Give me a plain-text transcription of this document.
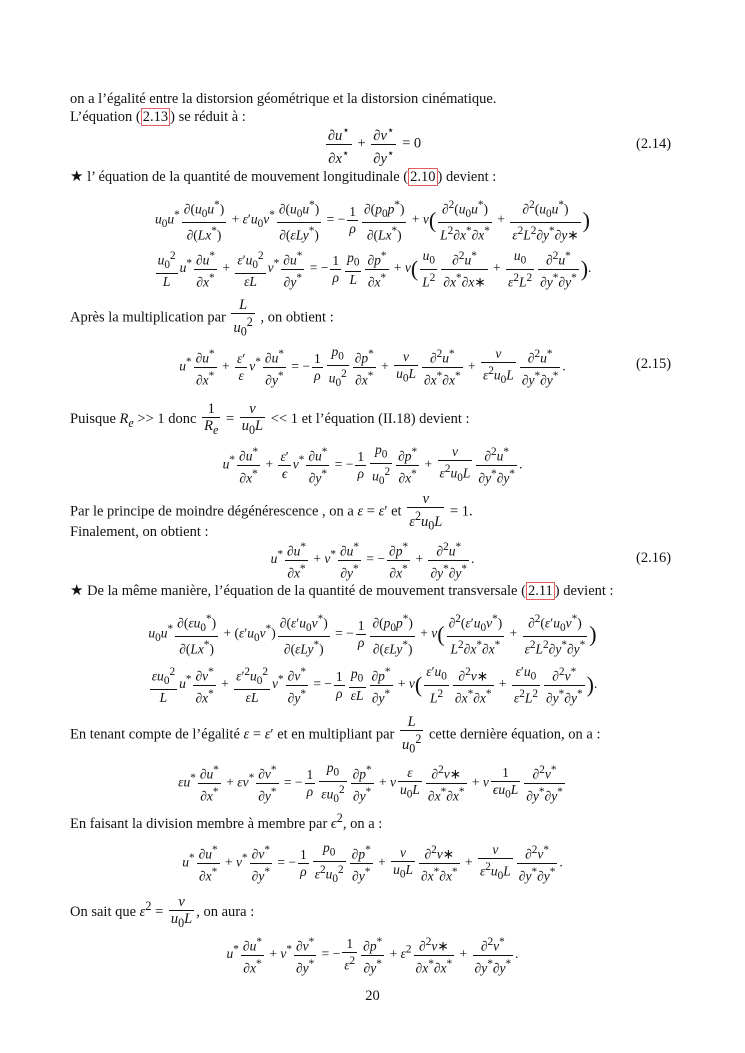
on a l’égalité entre la distorsion géométrique et la distorsion cinématique.
L’équation ( 2.13 ) se réduit à :
$\frac{\partial u^⋆}{\partial x^⋆} + \frac{\partial v^⋆}{\partial y^⋆} = 0$	(2.14)
★ l’ équation de la quantité de mouvement longitudinale ( 2.10 ) devient :
$u_0u^* \frac{\partial(u_0u^*)}{\partial(Lx^*)} + \varepsilon'u_0v^* \frac{\partial(u_0u^*)}{\partial(\varepsilon Ly^*)}$ = − $\frac{1}{\rho} \frac{\partial(p_0p^*)}{\partial(Lx^*)} + \nu( \frac{\partial^2(u_0u^*)}{L^2\partial x^*\partial x^*} + \frac{\partial^2(u_0u^*)}{\varepsilon^2L^2\partial y^*\partial y∗}$ )
$\frac{u_0^2}{L} u^* \frac{\partial u^*}{\partial x^*} + \frac{\varepsilon'u_0^2}{\varepsilon L} v^* \frac{\partial u^*}{\partial y^*}$ = − $\frac{1}{\rho} \frac{p_0}{L} \frac{\partial p^*}{\partial x^*} + \nu( \frac{u_0}{L^2} \frac{\partial^2u^*}{\partial x^*\partial x∗} + \frac{u_0}{\varepsilon^2L^2} \frac{\partial^2u^*}{\partial y^*\partial y^*}$ ).
Après la multiplication par $\frac{L}{u_0^2}$ , on obtient :
$u^* \frac{\partial u^*}{\partial x^*} + \frac{\varepsilon'}{\varepsilon} v^* \frac{\partial u^*}{\partial y^*}$ = − $\frac{1}{\rho} \frac{p_0}{u_0^2} \frac{\partial p^*}{\partial x^*} + \frac{\nu}{u_0L} \frac{\partial^2u^*}{\partial x^*\partial x^*} + \frac{\nu}{\varepsilon^2u_0L} \frac{\partial^2u^*}{\partial y^*\partial y^*}$ .	(2.15)
Puisque $R_e >> 1$ donc $\frac{1}{R_e} = \frac{\nu}{u_0L} << 1$ et l’équation (II.18) devient :
$u^* \frac{\partial u^*}{\partial x^*} + \frac{\varepsilon'}{\epsilon} v^* \frac{\partial u^*}{\partial y^*}$ = − $\frac{1}{\rho} \frac{p_0}{u_0^2} \frac{\partial p^*}{\partial x^*} + \frac{\nu}{\varepsilon^2u_0L} \frac{\partial^2u^*}{\partial y^*\partial y^*}$ .
Par le principe de moindre dégénérescence , on a ε = ε′ et $\frac{\nu}{\varepsilon^2u_0L} = 1$.
Finalement, on obtient :
$u^* \frac{\partial u^*}{\partial x^*} + v^* \frac{\partial u^*}{\partial y^*}$ = − $\frac{\partial p^*}{\partial x^*} + \frac{\partial^2u^*}{\partial y^*\partial y^*}$ .	(2.16)
★ De la même manière, l’équation de la quantité de mouvement transversale ( 2.11 ) devient :
$u_0u^* \frac{\partial(\varepsilon u_0^*)}{\partial(Lx^*)} + (\varepsilon'u_0v^*) \frac{\partial(\varepsilon'u_0v^*)}{\partial(\varepsilon Ly^*)}$ = − $\frac{1}{\rho} \frac{\partial(p_0p^*)}{\partial(\varepsilon Ly^*)} + \nu( \frac{\partial^2(\varepsilon'u_0v^*)}{L^2\partial x^*\partial x^*} + \frac{\partial^2(\varepsilon'u_0v^*)}{\varepsilon^2L^2\partial y^*\partial y^*}$ )
$\frac{\varepsilon u_0^2}{L} u^* \frac{\partial v^*}{\partial x^*} + \frac{\varepsilon'^2u_0^2}{\varepsilon L} v^* \frac{\partial v^*}{\partial y^*}$ = − $\frac{1}{\rho} \frac{p_0}{\varepsilon L} \frac{\partial p^*}{\partial y^*} + \nu( \frac{\varepsilon'u_0}{L^2} \frac{\partial^2v∗}{\partial x^*\partial x^*} + \frac{\varepsilon'u_0}{\varepsilon^2L^2} \frac{\partial^2v^*}{\partial y^*\partial y^*}$ ).
En tenant compte de l’égalité ε = ε′ et en multipliant par $\frac{L}{u_0^2}$ cette dernière équation, on a :
$\varepsilon u^* \frac{\partial u^*}{\partial x^*} + \varepsilon v^* \frac{\partial v^*}{\partial y^*}$ = − $\frac{1}{\rho} \frac{p_0}{\varepsilon u_0^2} \frac{\partial p^*}{\partial y^*} + \nu \frac{\varepsilon}{u_0L} \frac{\partial^2v∗}{\partial x^*\partial x^*} + \nu \frac{1}{\epsilon u_0L} \frac{\partial^2v^*}{\partial y^*\partial y^*}$
En faisant la division membre à membre par $\epsilon^2$, on a :
$u^* \frac{\partial u^*}{\partial x^*} + v^* \frac{\partial v^*}{\partial y^*}$ = − $\frac{1}{\rho} \frac{p_0}{\varepsilon^2u_0^2} \frac{\partial p^*}{\partial y^*} + \frac{\nu}{u_0L} \frac{\partial^2v∗}{\partial x^*\partial x^*} + \frac{\nu}{\varepsilon^2u_0L} \frac{\partial^2v^*}{\partial y^*\partial y^*}$ .
On sait que $\varepsilon^2 = \frac{\nu}{u_0L}$ , on aura :
$u^* \frac{\partial u^*}{\partial x^*} + v^* \frac{\partial v^*}{\partial y^*}$ = − $\frac{1}{\varepsilon^2} \frac{\partial p^*}{\partial y^*} + \varepsilon^2 \frac{\partial^2v∗}{\partial x^*\partial x^*} + \frac{\partial^2v^*}{\partial y^*\partial y^*}$ .
20
